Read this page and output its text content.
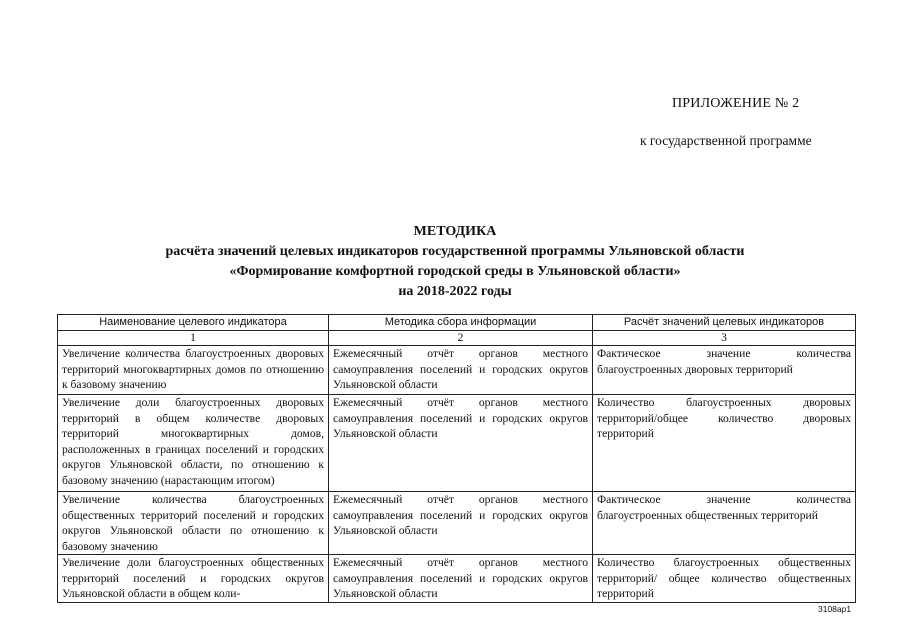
ПРИЛОЖЕНИЕ № 2
к государственной программе
МЕТОДИКА
расчёта значений целевых индикаторов государственной программы Ульяновской области
«Формирование комфортной городской среды в Ульяновской области»
на 2018-2022 годы
Наименование целевого индикатора	Методика сбора информации	Расчёт значений целевых индикаторов
1	2	3
Увеличение количества благоустроенных дворовых территорий многоквартирных домов по отношению к базовому значению	Ежемесячный отчёт органов местного самоуправления поселений и городских округов Ульяновской области	Фактическое значение количества благоустроенных дворовых территорий
Увеличение доли благоустроенных дворовых территорий в общем количестве дворовых территорий многоквартирных домов, расположенных в границах поселений и городских округов Ульяновской области, по отношению к базовому значению (нарастающим итогом)	Ежемесячный отчёт органов местного самоуправления поселений и городских округов Ульяновской области	Количество благоустроенных дворовых территорий/общее количество дворовых территорий
Увеличение количества благоустроенных общественных территорий поселений и городских округов Ульяновской области по отношению к базовому значению	Ежемесячный отчёт органов местного самоуправления поселений и городских округов Ульяновской области	Фактическое значение количества благоустроенных общественных территорий
Увеличение доли благоустроенных общественных территорий поселений и городских округов Ульяновской области в общем коли-	Ежемесячный отчёт органов местного самоуправления поселений и городских округов Ульяновской области	Количество благоустроенных общественных территорий/ общее количество общественных территорий
3108ap1
